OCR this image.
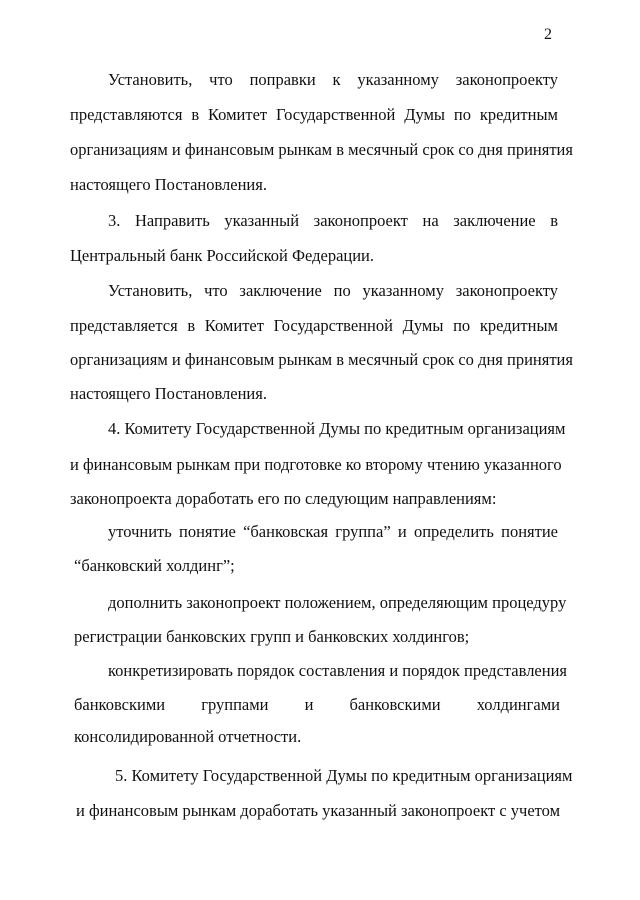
2
Установить, что поправки к указанному законопроекту
представляются в Комитет Государственной Думы по кредитным
организациям и финансовым рынкам в месячный срок со дня принятия
настоящего Постановления.
3. Направить указанный законопроект на заключение в
Центральный банк Российской Федерации.
Установить, что заключение по указанному законопроекту
представляется в Комитет Государственной Думы по кредитным
организациям и финансовым рынкам в месячный срок со дня принятия
настоящего Постановления.
4. Комитету Государственной Думы по кредитным организациям
и финансовым рынкам при подготовке ко второму чтению указанного
законопроекта доработать его по следующим направлениям:
уточнить понятие “банковская группа” и определить понятие
“банковский холдинг”;
дополнить законопроект положением, определяющим процедуру
регистрации банковских групп и банковских холдингов;
конкретизировать порядок составления и порядок представления
банковскими группами и банковскими холдингами
консолидированной отчетности.
5. Комитету Государственной Думы по кредитным организациям
и финансовым рынкам доработать указанный законопроект с учетом
